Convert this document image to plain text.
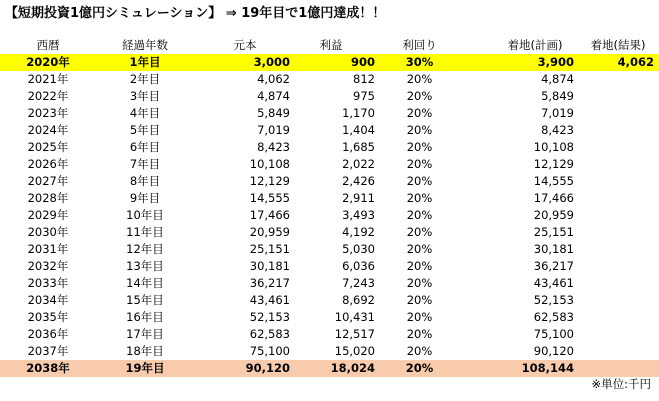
【短期投資1億円シミュレーション】 ⇒ 19年目で1億円達成！！
西暦	経過年数	元本	利益	利回り	着地(計画)	着地(結果)
2020年	1年目	3,000	900	30%	3,900	4,062
2021年	2年目	4,062	812	20%	4,874
2022年	3年目	4,874	975	20%	5,849
2023年	4年目	5,849	1,170	20%	7,019
2024年	5年目	7,019	1,404	20%	8,423
2025年	6年目	8,423	1,685	20%	10,108
2026年	7年目	10,108	2,022	20%	12,129
2027年	8年目	12,129	2,426	20%	14,555
2028年	9年目	14,555	2,911	20%	17,466
2029年	10年目	17,466	3,493	20%	20,959
2030年	11年目	20,959	4,192	20%	25,151
2031年	12年目	25,151	5,030	20%	30,181
2032年	13年目	30,181	6,036	20%	36,217
2033年	14年目	36,217	7,243	20%	43,461
2034年	15年目	43,461	8,692	20%	52,153
2035年	16年目	52,153	10,431	20%	62,583
2036年	17年目	62,583	12,517	20%	75,100
2037年	18年目	75,100	15,020	20%	90,120
2038年	19年目	90,120	18,024	20%	108,144
※単位:千円
